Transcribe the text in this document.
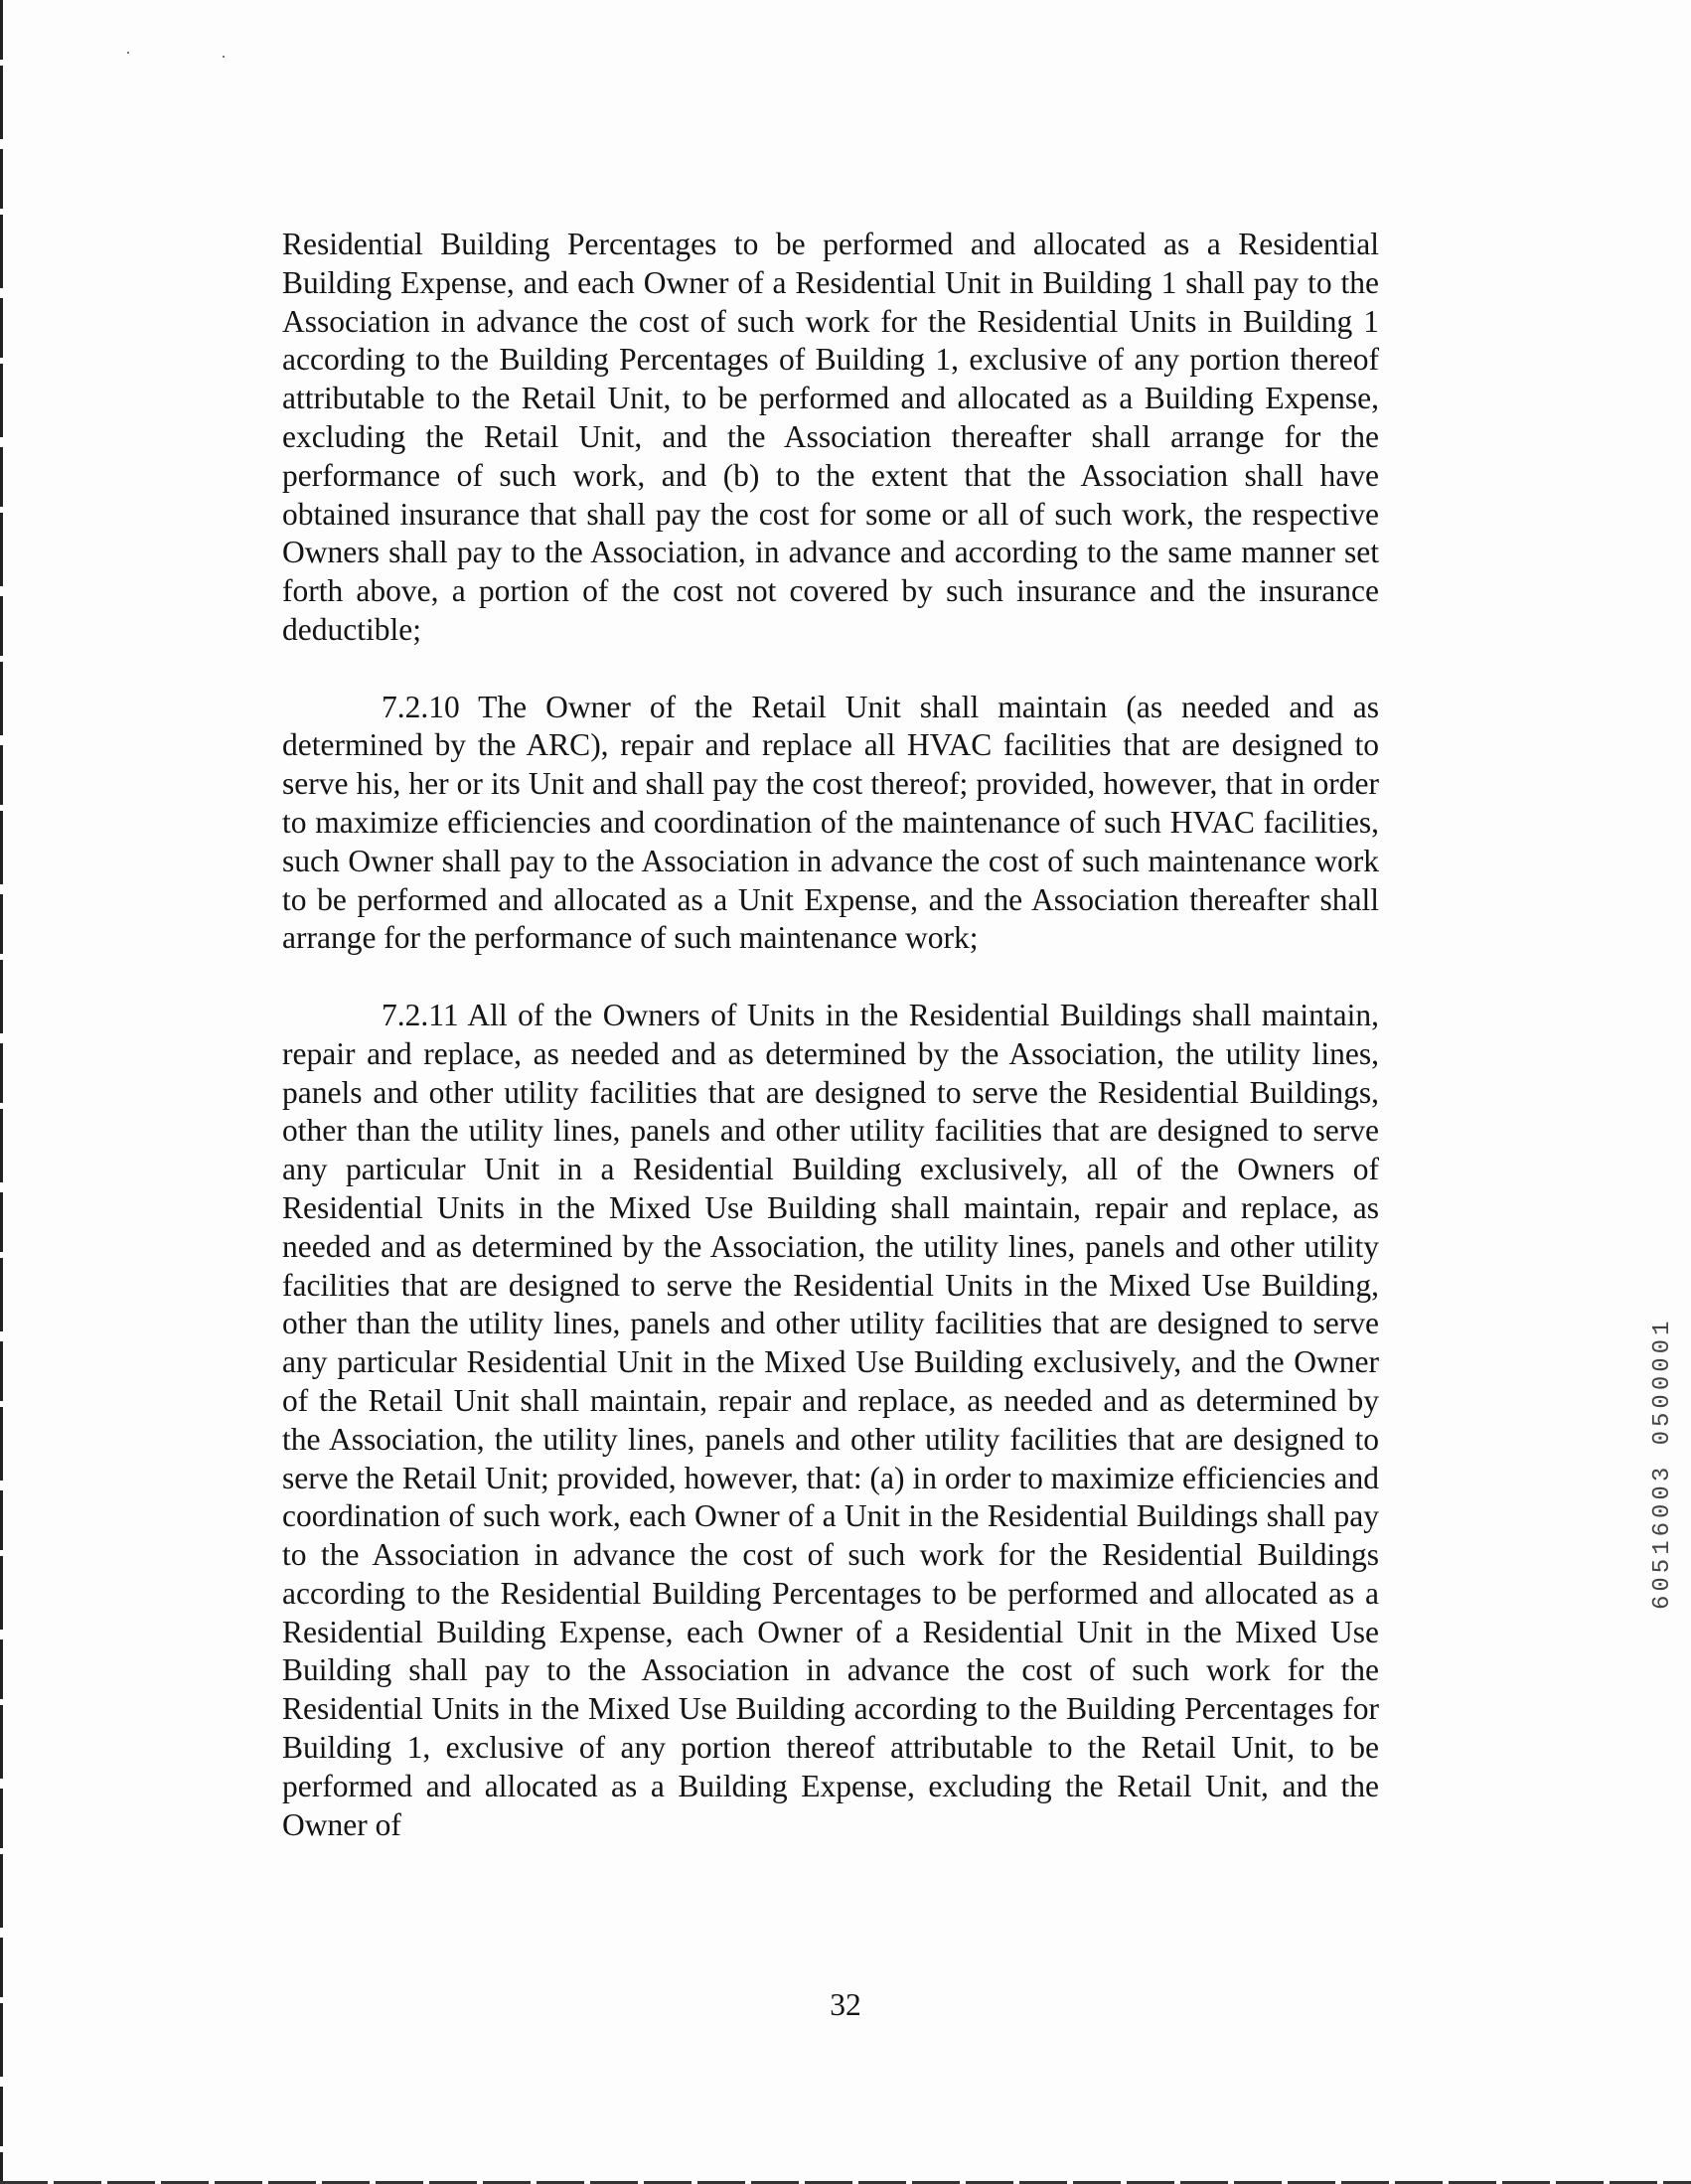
Residential Building Percentages to be performed and allocated as a Residential Building Expense, and each Owner of a Residential Unit in Building 1 shall pay to the Association in advance the cost of such work for the Residential Units in Building 1 according to the Building Percentages of Building 1, exclusive of any portion thereof attributable to the Retail Unit, to be performed and allocated as a Building Expense, excluding the Retail Unit, and the Association thereafter shall arrange for the performance of such work, and (b) to the extent that the Association shall have obtained insurance that shall pay the cost for some or all of such work, the respective Owners shall pay to the Association, in advance and according to the same manner set forth above, a portion of the cost not covered by such insurance and the insurance deductible;

7.2.10 The Owner of the Retail Unit shall maintain (as needed and as determined by the ARC), repair and replace all HVAC facilities that are designed to serve his, her or its Unit and shall pay the cost thereof; provided, however, that in order to maximize efficiencies and coordination of the maintenance of such HVAC facilities, such Owner shall pay to the Association in advance the cost of such maintenance work to be performed and allocated as a Unit Expense, and the Association thereafter shall arrange for the performance of such maintenance work;

7.2.11 All of the Owners of Units in the Residential Buildings shall maintain, repair and replace, as needed and as determined by the Association, the utility lines, panels and other utility facilities that are designed to serve the Residential Buildings, other than the utility lines, panels and other utility facilities that are designed to serve any particular Unit in a Residential Building exclusively, all of the Owners of Residential Units in the Mixed Use Building shall maintain, repair and replace, as needed and as determined by the Association, the utility lines, panels and other utility facilities that are designed to serve the Residential Units in the Mixed Use Building, other than the utility lines, panels and other utility facilities that are designed to serve any particular Residential Unit in the Mixed Use Building exclusively, and the Owner of the Retail Unit shall maintain, repair and replace, as needed and as determined by the Association, the utility lines, panels and other utility facilities that are designed to serve the Retail Unit; provided, however, that: (a) in order to maximize efficiencies and coordination of such work, each Owner of a Unit in the Residential Buildings shall pay to the Association in advance the cost of such work for the Residential Buildings according to the Residential Building Percentages to be performed and allocated as a Residential Building Expense, each Owner of a Residential Unit in the Mixed Use Building shall pay to the Association in advance the cost of such work for the Residential Units in the Mixed Use Building according to the Building Percentages for Building 1, exclusive of any portion thereof attributable to the Retail Unit, to be performed and allocated as a Building Expense, excluding the Retail Unit, and the Owner of

32
60516003 0500001
